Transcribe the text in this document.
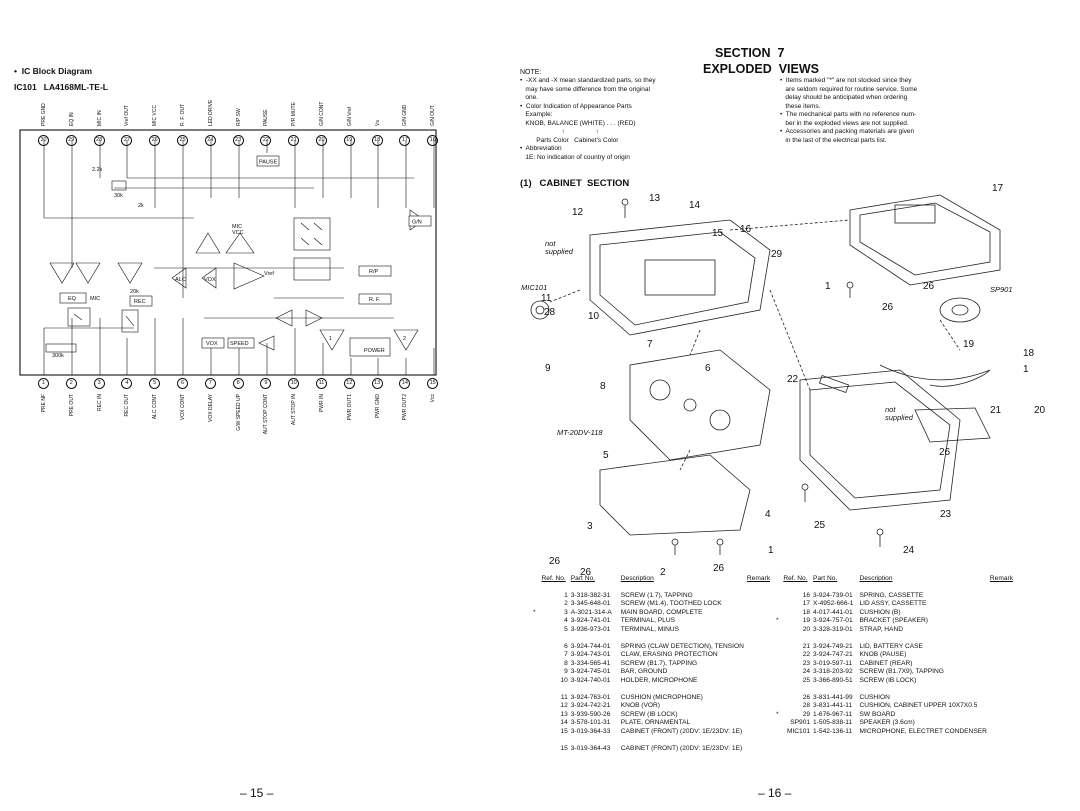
•  IC Block Diagram
IC101   LA4168ML-TE-L
PRE GND	EQ IN	MIC IN	Vref OUT	MIC VCC	R. F. OUT	LED DRIVE	R/P SW	PAUSE	P/R MUTE	G/N CONT	G/N Vref	Vs	G/N GND	G/N OUT
30	29	28	27	26	25	24	23	22	21	20	19	18	17	16
1	2	3	4	5	6	7	8	9	10	11	12	13	14	15
PRE NF	PRE OUT	REC IN	REC OUT	ALC CONT	VOX CONT	VOX DELAY	G/W SPEED UP	AUT STOP CONT	AUT STOP IN	PWR IN	PWR OUT1	PWR GND	PWR OUT2	Vcc
PAUSE
G/N
2.2k
30k
2k
MIC
VCC
Vref	R/P
R. F.
EQ	MIC
ALC	VOX
20k
REC
VOX SPEED
POWER
300k
1	2
– 15 –
SECTION  7
EXPLODED  VIEWS
NOTE:
•  -XX and -X mean standardized parts, so they
may have some difference from the original
one.
•  Color Indication of Appearance Parts
Example:
KNOB, BALANCE (WHITE) . . . (RED)
↑                 ↑
Parts Color   Cabinet's Color
•  Abbreviation
1E: No indication of country of origin
•  Items marked "*" are not stocked since they
are seldom required for routine service. Some
delay should be anticipated when ordering
these items.
•  The mechanical parts with no reference num-
ber in the exploded views are not supplied.
•  Accessories and packing materials are given
in the last of the electrical parts list.
(1)   CABINET  SECTION
13
12
14
15 16
17
29
11
28	10
7
9	6
8
1	26
26
19
18
1
22
21	20
26
5
23
4
25
3
24
1
26
26	2	26
not
supplied
MIC101	SP901
not
supplied
MT-20DV-118
	Ref. No.	Part No.	Description	Remark

	1	3-318-382-31	SCREW (1.7), TAPPING	
	2	3-345-648-01	SCREW (M1.4), TOOTHED LOCK	
*	3	A-3021-314-A	MAIN BOARD, COMPLETE	
	4	3-924-741-01	TERMINAL, PLUS	
	5	3-936-973-01	TERMINAL, MINUS	

	6	3-924-744-01	SPRING (CLAW DETECTION), TENSION	
	7	3-924-743-01	CLAW, ERASING PROTECTION	
	8	3-334-565-41	SCREW (B1.7), TAPPING	
	9	3-924-745-01	BAR, GROUND	
	10	3-924-740-01	HOLDER, MICROPHONE	

	11	3-924-763-01	CUSHION (MICROPHONE)	
	12	3-924-742-21	KNOB (VOR)	
	13	3-939-590-26	SCREW (IB LOCK)	
	14	3-578-101-31	PLATE, ORNAMENTAL	
	15	3-019-364-33	CABINET (FRONT) (20DV: 1E/23DV: 1E)	

	15	3-019-364-43	CABINET (FRONT) (20DV: 1E/23DV: 1E)	
	Ref. No.	Part No.	Description	Remark

	16	3-924-739-01	SPRING, CASSETTE	
	17	X-4952-666-1	LID ASSY, CASSETTE	
	18	4-017-441-01	CUSHION (B)	
*	19	3-924-757-01	BRACKET (SPEAKER)	
	20	3-328-319-01	STRAP, HAND	

	21	3-924-749-21	LID, BATTERY CASE	
	22	3-924-747-21	KNOB (PAUSE)	
	23	3-019-597-11	CABINET (REAR)	
	24	3-318-203-92	SCREW (B1.7X9), TAPPING	
	25	3-366-890-51	SCREW (IB LOCK)	

	26	3-831-441-99	CUSHION	
	28	3-831-441-11	CUSHION, CABINET UPPER 10X7X0.5	
*	29	1-676-967-11	SW BOARD	
	SP901	1-505-838-11	SPEAKER (3.6cm)	
	MIC101	1-542-136-11	MICROPHONE, ELECTRET CONDENSER	
– 16 –
